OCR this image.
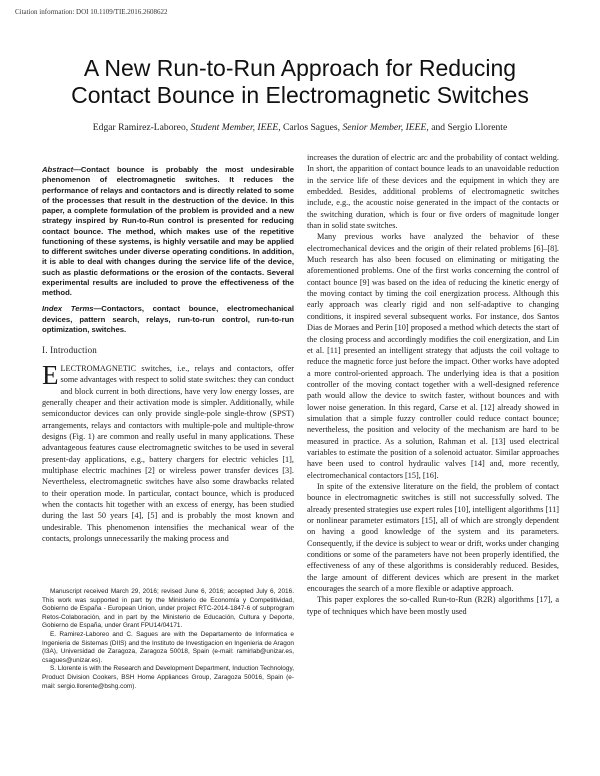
Citation information: DOI 10.1109/TIE.2016.2608622
A New Run-to-Run Approach for Reducing
Contact Bounce in Electromagnetic Switches
Edgar Ramirez-Laboreo, Student Member, IEEE, Carlos Sagues, Senior Member, IEEE, and Sergio Llorente

Abstract—Contact bounce is probably the most undesirable phenomenon of electromagnetic switches. It reduces the performance of relays and contactors and is directly related to some of the processes that result in the destruction of the device. In this paper, a complete formulation of the problem is provided and a new strategy inspired by Run-to-Run control is presented for reducing contact bounce. The method, which makes use of the repetitive functioning of these systems, is highly versatile and may be applied to different switches under diverse operating conditions. In addition, it is able to deal with changes during the service life of the device, such as plastic deformations or the erosion of the contacts. Several experimental results are included to prove the effectiveness of the method.

Index Terms—Contactors, contact bounce, electromechanical devices, pattern search, relays, run-to-run control, run-to-run optimization, switches.

I. Introduction

ELECTROMAGNETIC switches, i.e., relays and contactors, offer some advantages with respect to solid state switches: they can conduct and block current in both directions, have very low energy losses, are generally cheaper and their activation mode is simpler. Additionally, while semiconductor devices can only provide single-pole single-throw (SPST) arrangements, relays and contactors with multiple-pole and multiple-throw designs (Fig. 1) are common and really useful in many applications. These advantageous features cause electromagnetic switches to be used in several present-day applications, e.g., battery chargers for electric vehicles [1], multiphase electric machines [2] or wireless power transfer devices [3]. Nevertheless, electromagnetic switches have also some drawbacks related to their operation mode. In particular, contact bounce, which is produced when the contacts hit together with an excess of energy, has been studied during the last 50 years [4], [5] and is probably the most known and undesirable. This phenomenon intensifies the mechanical wear of the contacts, prolongs unnecessarily the making process and

Manuscript received March 29, 2016; revised June 6, 2016; accepted July 6, 2016. This work was supported in part by the Ministerio de Economía y Competitividad, Gobierno de España - European Union, under project RTC-2014-1847-6 of subprogram Retos-Colaboración, and in part by the Ministerio de Educación, Cultura y Deporte, Gobierno de España, under Grant FPU14/04171.

E. Ramirez-Laboreo and C. Sagues are with the Departamento de Informatica e Ingenieria de Sistemas (DIIS) and the Instituto de Investigacion en Ingenieria de Aragon (I3A), Universidad de Zaragoza, Zaragoza 50018, Spain (e-mail: ramirlab@unizar.es, csagues@unizar.es).

S. Llorente is with the Research and Development Department, Induction Technology, Product Division Cookers, BSH Home Appliances Group, Zaragoza 50016, Spain (e-mail: sergio.llorente@bshg.com).

increases the duration of electric arc and the probability of contact welding. In short, the apparition of contact bounce leads to an unavoidable reduction in the service life of these devices and the equipment in which they are embedded. Besides, additional problems of electromagnetic switches include, e.g., the acoustic noise generated in the impact of the contacts or the switching duration, which is four or five orders of magnitude longer than in solid state switches.

Many previous works have analyzed the behavior of these electromechanical devices and the origin of their related problems [6]–[8]. Much research has also been focused on eliminating or mitigating the aforementioned problems. One of the first works concerning the control of contact bounce [9] was based on the idea of reducing the kinetic energy of the moving contact by timing the coil energization process. Although this early approach was clearly rigid and non self-adaptive to changing conditions, it inspired several subsequent works. For instance, dos Santos Dias de Moraes and Perin [10] proposed a method which detects the start of the closing process and accordingly modifies the coil energization, and Lin et al. [11] presented an intelligent strategy that adjusts the coil voltage to reduce the magnetic force just before the impact. Other works have adopted a more control-oriented approach. The underlying idea is that a position controller of the moving contact together with a well-designed reference path would allow the device to switch faster, without bounces and with lower noise generation. In this regard, Carse et al. [12] already showed in simulation that a simple fuzzy controller could reduce contact bounce; nevertheless, the position and velocity of the mechanism are hard to be measured in practice. As a solution, Rahman et al. [13] used electrical variables to estimate the position of a solenoid actuator. Similar approaches have been used to control hydraulic valves [14] and, more recently, electromechanical contactors [15], [16].

In spite of the extensive literature on the field, the problem of contact bounce in electromagnetic switches is still not successfully solved. The already presented strategies use expert rules [10], intelligent algorithms [11] or nonlinear parameter estimators [15], all of which are strongly dependent on having a good knowledge of the system and its parameters. Consequently, if the device is subject to wear or drift, works under changing conditions or some of the parameters have not been properly identified, the effectiveness of any of these algorithms is considerably reduced. Besides, the large amount of different devices which are present in the market encourages the search of a more flexible or adaptive approach.

This paper explores the so-called Run-to-Run (R2R) algorithms [17], a type of techniques which have been mostly used
